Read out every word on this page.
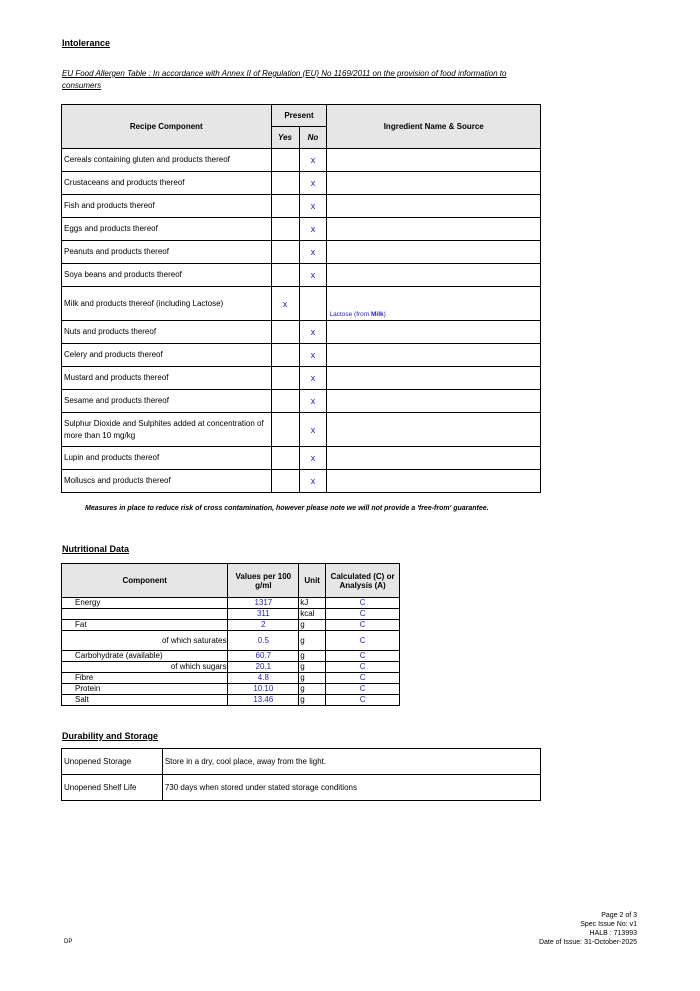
Intolerance
EU Food Allergen Table : In accordance with Annex II of Regulation (EU) No 1169/2011 on the provision of food information to consumers
Recipe Component	Present		Ingredient Name & Source
	Yes	No	
Cereals containing gluten and products thereof		x	
Crustaceans and products thereof		x	
Fish and products thereof		x	
Eggs and products thereof		x	
Peanuts and products thereof		x	
Soya beans and products thereof		x	
Milk and products thereof (including Lactose)	x		Lactose (from Milk)
Nuts and products thereof		x	
Celery and products thereof		x	
Mustard and products thereof		x	
Sesame and products thereof		x	
Sulphur Dioxide and Sulphites added at concentration of more than 10 mg/kg		x	
Lupin and products thereof		x	
Molluscs and products thereof		x	
Measures in place to reduce risk of cross contamination, however please note we will not provide a 'free-from' guarantee.
Nutritional Data
Component	Values per 100 g/ml	Unit	Calculated (C) or Analysis (A)
Energy	1317	kJ	C
	311	kcal	C
Fat	2	g	C
of which saturates	0.5	g	C
Carbohydrate (available)	60.7	g	C
of which sugars	20.1	g	C
Fibre	4.8	g	C
Protein	10.10	g	C
Salt	13.46	g	C
Durability and Storage
Unopened Storage	Store in a dry, cool place, away from the light.
Unopened Shelf Life	730 days when stored under stated storage conditions
DP
Page 2 of 3
Spec Issue No: v1
HALB : 713993
Date of Issue: 31-October-2025
